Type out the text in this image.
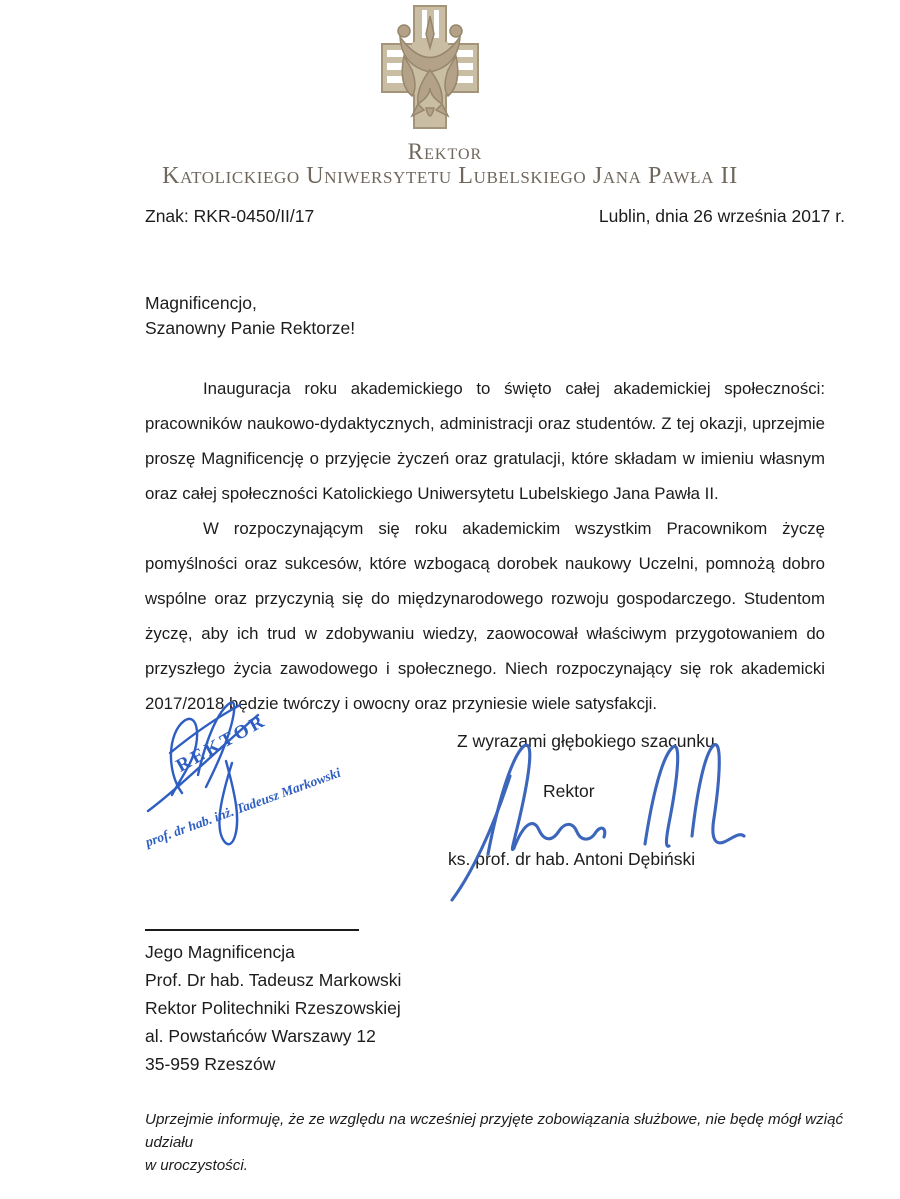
Rektor
Katolickiego Uniwersytetu Lubelskiego Jana Pawła II
Znak: RKR-0450/II/17	Lublin, dnia 26 września 2017 r.
Magnificencjo,
Szanowny Panie Rektorze!

Inauguracja roku akademickiego to święto całej akademickiej społeczności: pracowników naukowo-dydaktycznych, administracji oraz studentów. Z tej okazji, uprzejmie proszę Magnificencję o przyjęcie życzeń oraz gratulacji, które składam w imieniu własnym oraz całej społeczności Katolickiego Uniwersytetu Lubelskiego Jana Pawła II.

W rozpoczynającym się roku akademickim wszystkim Pracownikom życzę pomyślności oraz sukcesów, które wzbogacą dorobek naukowy Uczelni, pomnożą dobro wspólne oraz przyczynią się do międzynarodowego rozwoju gospodarczego. Studentom życzę, aby ich trud w zdobywaniu wiedzy, zaowocował właściwym przygotowaniem do przyszłego życia zawodowego i społecznego. Niech rozpoczynający się rok akademicki 2017/2018 będzie twórczy i owocny oraz przyniesie wiele satysfakcji.

Z wyrazami głębokiego szacunku
Rektor
ks. prof. dr hab. Antoni Dębiński
REKTOR
prof. dr hab. inż. Tadeusz Markowski
Jego Magnificencja
Prof. Dr hab. Tadeusz Markowski
Rektor Politechniki Rzeszowskiej
al. Powstańców Warszawy 12
35-959 Rzeszów
Uprzejmie informuję, że ze względu na wcześniej przyjęte zobowiązania służbowe, nie będę mógł wziąć udziału
w uroczystości.
